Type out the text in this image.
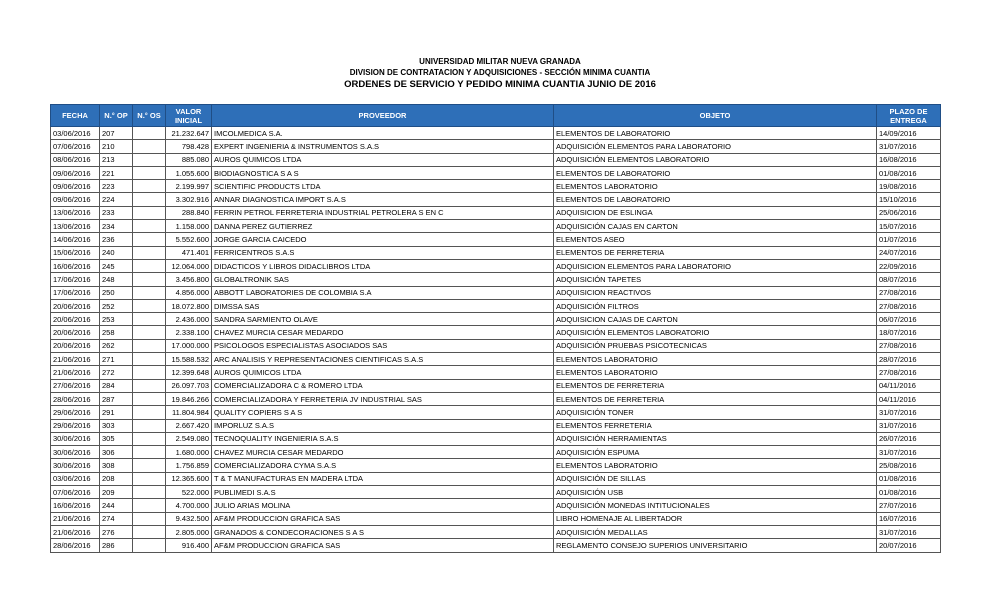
UNIVERSIDAD MILITAR NUEVA GRANADA
DIVISION DE CONTRATACION Y ADQUISICIONES - SECCIÓN MINIMA CUANTIA
ORDENES DE SERVICIO Y PEDIDO MINIMA CUANTIA JUNIO DE 2016
FECHA	N.° OP	N.° OS	VALOR INICIAL	PROVEEDOR	OBJETO	PLAZO DE ENTREGA
03/06/2016	207		21.232.647	IMCOLMEDICA S.A.	ELEMENTOS DE LABORATORIO	14/09/2016
07/06/2016	210		798.428	EXPERT INGENIERIA & INSTRUMENTOS S.A.S	ADQUISICIÓN ELEMENTOS PARA LABORATORIO	31/07/2016
08/06/2016	213		885.080	AUROS QUIMICOS LTDA	ADQUISICIÓN ELEMENTOS LABORATORIO	16/08/2016
09/06/2016	221		1.055.600	BIODIAGNOSTICA S A S	ELEMENTOS DE LABORATORIO	01/08/2016
09/06/2016	223		2.199.997	SCIENTIFIC PRODUCTS LTDA	ELEMENTOS LABORATORIO	19/08/2016
09/06/2016	224		3.302.916	ANNAR DIAGNOSTICA IMPORT S.A.S	ELEMENTOS DE LABORATORIO	15/10/2016
13/06/2016	233		288.840	FERRIN PETROL FERRETERIA INDUSTRIAL PETROLERA S EN C	ADQUISICION DE ESLINGA	25/06/2016
13/06/2016	234		1.158.000	DANNA PEREZ GUTIERREZ	ADQUISICIÓN CAJAS EN CARTON	15/07/2016
14/06/2016	236		5.552.600	JORGE GARCIA CAICEDO	ELEMENTOS ASEO	01/07/2016
15/06/2016	240		471.401	FERRICENTROS S.A.S	ELEMENTOS DE FERRETERIA	24/07/2016
16/06/2016	245		12.064.000	DIDACTICOS Y LIBROS DIDACLIBROS LTDA	ADQUISICION ELEMENTOS PARA LABORATORIO	22/09/2016
17/06/2016	248		3.456.800	GLOBALTRONIK SAS	ADQUISICIÓN TAPETES	08/07/2016
17/06/2016	250		4.856.000	ABBOTT LABORATORIES DE COLOMBIA S.A	ADQUISICION REACTIVOS	27/08/2016
20/06/2016	252		18.072.800	DIMSSA SAS	ADQUISICIÓN FILTROS	27/08/2016
20/06/2016	253		2.436.000	SANDRA SARMIENTO OLAVE	ADQUISICION CAJAS DE CARTON	06/07/2016
20/06/2016	258		2.338.100	CHAVEZ MURCIA CESAR MEDARDO	ADQUISICIÓN ELEMENTOS LABORATORIO	18/07/2016
20/06/2016	262		17.000.000	PSICOLOGOS ESPECIALISTAS ASOCIADOS SAS	ADQUISICIÓN PRUEBAS PSICOTECNICAS	27/08/2016
21/06/2016	271		15.588.532	ARC ANALISIS Y REPRESENTACIONES CIENTIFICAS S.A.S	ELEMENTOS LABORATORIO	28/07/2016
21/06/2016	272		12.399.648	AUROS QUIMICOS LTDA	ELEMENTOS LABORATORIO	27/08/2016
27/06/2016	284		26.097.703	COMERCIALIZADORA C & ROMERO LTDA	ELEMENTOS DE FERRETERIA	04/11/2016
28/06/2016	287		19.846.266	COMERCIALIZADORA Y FERRETERIA JV INDUSTRIAL SAS	ELEMENTOS DE FERRETERIA	04/11/2016
29/06/2016	291		11.804.984	QUALITY COPIERS S A S	ADQUISICIÓN TONER	31/07/2016
29/06/2016	303		2.667.420	IMPORLUZ S.A.S	ELEMENTOS FERRETERIA	31/07/2016
30/06/2016	305		2.549.080	TECNOQUALITY INGENIERIA S.A.S	ADQUISICIÓN HERRAMIENTAS	26/07/2016
30/06/2016	306		1.680.000	CHAVEZ MURCIA CESAR MEDARDO	ADQUISICIÓN ESPUMA	31/07/2016
30/06/2016	308		1.756.859	COMERCIALIZADORA CYMA S.A.S	ELEMENTOS LABORATORIO	25/08/2016
03/06/2016	208		12.365.600	T & T MANUFACTURAS EN MADERA LTDA	ADQUISICIÓN DE SILLAS	01/08/2016
07/06/2016	209		522.000	PUBLIMEDI S.A.S	ADQUISICIÓN USB	01/08/2016
16/06/2016	244		4.700.000	JULIO ARIAS MOLINA	ADQUISICIÓN MONEDAS INTITUCIONALES	27/07/2016
21/06/2016	274		9.432.500	AF&M PRODUCCION GRAFICA SAS	LIBRO HOMENAJE AL LIBERTADOR	16/07/2016
21/06/2016	276		2.805.000	GRANADOS & CONDECORACIONES S A S	ADQUISICIÓN MEDALLAS	31/07/2016
28/06/2016	286		916.400	AF&M PRODUCCION GRAFICA SAS	REGLAMENTO CONSEJO SUPERIOS UNIVERSITARIO	20/07/2016
